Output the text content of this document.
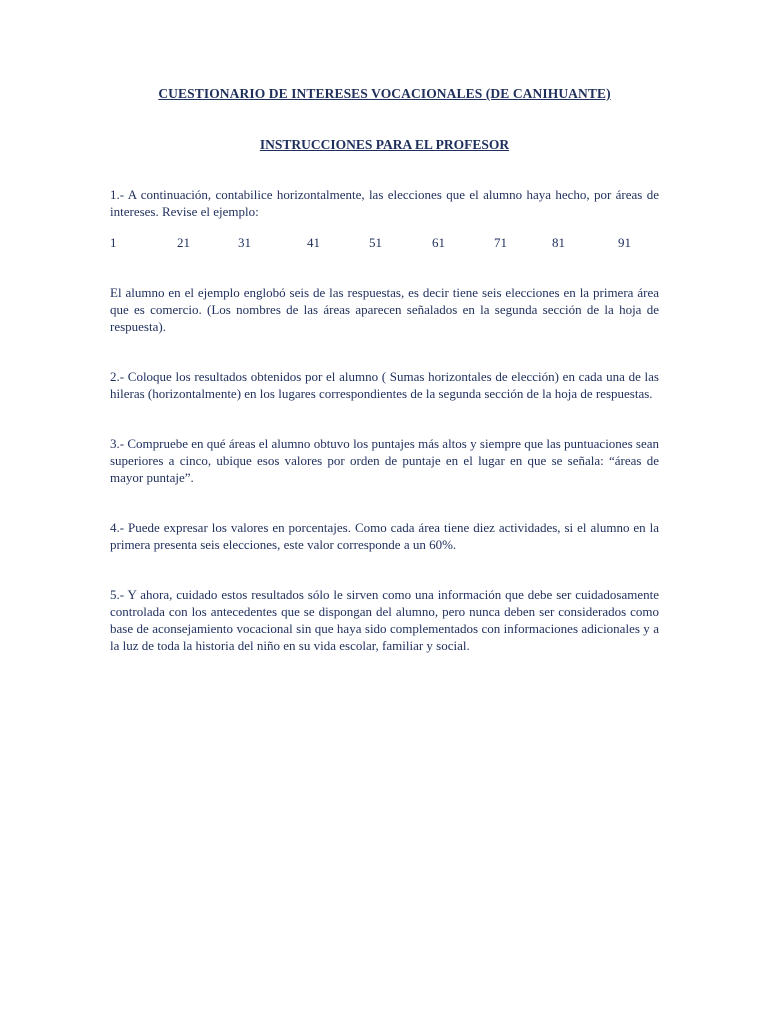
CUESTIONARIO DE INTERESES VOCACIONALES (DE CANIHUANTE)

INSTRUCCIONES PARA EL PROFESOR

1.- A continuación, contabilice horizontalmente, las elecciones que el alumno haya hecho, por áreas de intereses. Revise el ejemplo:

1	21	31	41	51	61	71	81	91

El alumno en el ejemplo englobó seis de las respuestas, es decir tiene seis elecciones en la primera área que es comercio. (Los nombres de las áreas aparecen señalados en la segunda sección de la hoja de respuesta).

2.- Coloque los resultados obtenidos por el alumno ( Sumas horizontales de elección) en cada una de las hileras (horizontalmente) en los lugares correspondientes de la segunda sección de la hoja de respuestas.

3.- Compruebe en qué áreas el alumno obtuvo los puntajes más altos y siempre que las puntuaciones sean superiores a cinco, ubique esos valores por orden de puntaje en el lugar en que se señala: “áreas de mayor puntaje”.

4.- Puede expresar los valores en porcentajes. Como cada área tiene diez actividades, si el alumno en la primera presenta seis elecciones, este valor corresponde a un 60%.

5.- Y ahora, cuidado estos resultados sólo le sirven como una información que debe ser cuidadosamente controlada con los antecedentes que se dispongan del alumno, pero nunca deben ser considerados como base de aconsejamiento vocacional sin que haya sido complementados con informaciones adicionales y a la luz de toda la historia del niño en su vida escolar, familiar y social.
